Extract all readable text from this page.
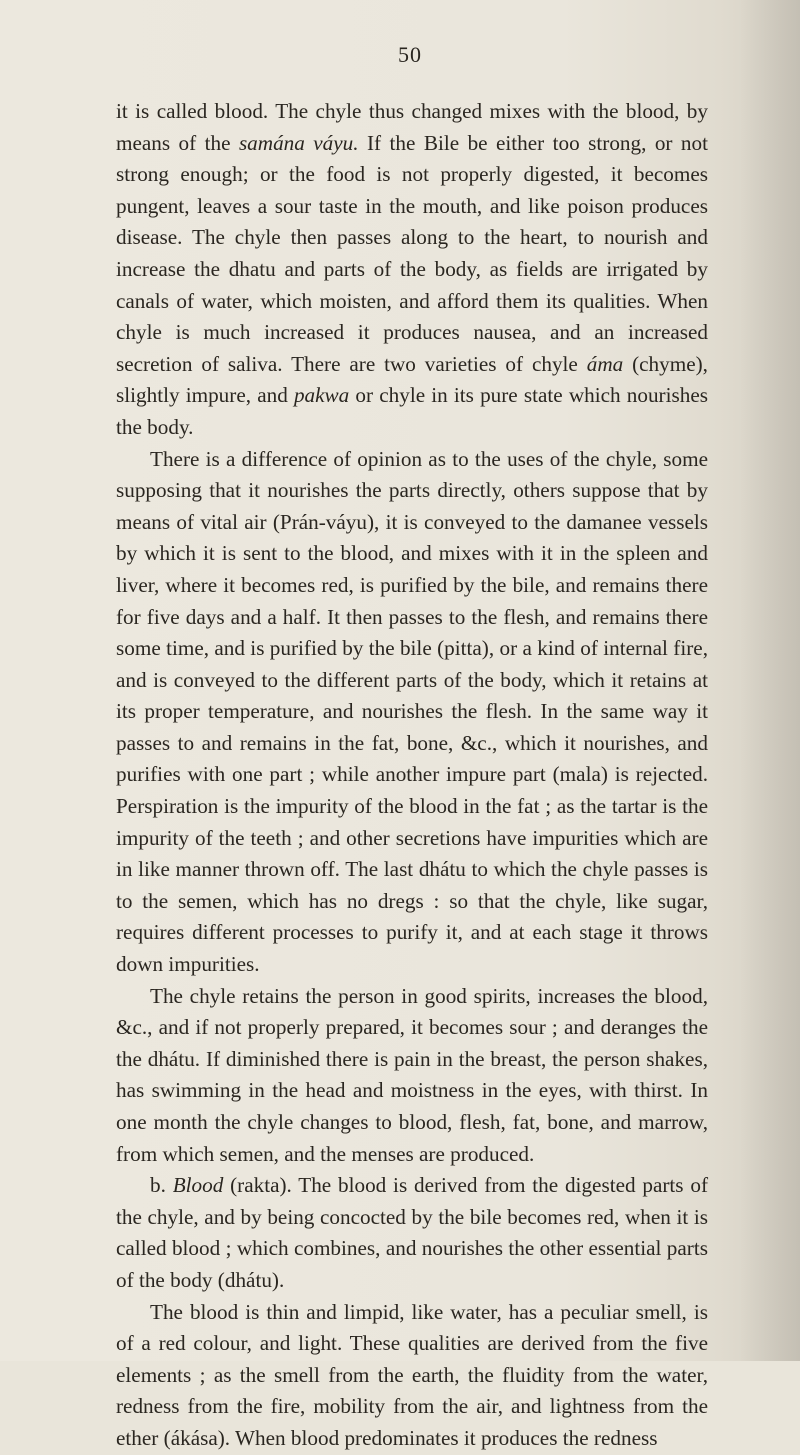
50

it is called blood. The chyle thus changed mixes with the blood, by means of the samána váyu. If the Bile be either too strong, or not strong enough; or the food is not properly digested, it becomes pungent, leaves a sour taste in the mouth, and like poison produces disease. The chyle then passes along to the heart, to nourish and increase the dhatu and parts of the body, as fields are irrigated by canals of water, which moisten, and afford them its qualities. When chyle is much increased it produces nausea, and an increased secretion of saliva. There are two varieties of chyle áma (chyme), slightly impure, and pakwa or chyle in its pure state which nourishes the body.

There is a difference of opinion as to the uses of the chyle, some supposing that it nourishes the parts directly, others suppose that by means of vital air (Prán-váyu), it is conveyed to the damanee vessels by which it is sent to the blood, and mixes with it in the spleen and liver, where it becomes red, is purified by the bile, and remains there for five days and a half. It then passes to the flesh, and remains there some time, and is purified by the bile (pitta), or a kind of internal fire, and is conveyed to the different parts of the body, which it retains at its proper temperature, and nourishes the flesh. In the same way it passes to and remains in the fat, bone, &c., which it nourishes, and purifies with one part ; while another impure part (mala) is rejected. Perspiration is the impurity of the blood in the fat ; as the tartar is the impurity of the teeth ; and other secretions have impurities which are in like manner thrown off. The last dhátu to which the chyle passes is to the semen, which has no dregs : so that the chyle, like sugar, requires different processes to purify it, and at each stage it throws down impurities.

The chyle retains the person in good spirits, increases the blood, &c., and if not properly prepared, it becomes sour ; and deranges the the dhátu. If diminished there is pain in the breast, the person shakes, has swimming in the head and moistness in the eyes, with thirst. In one month the chyle changes to blood, flesh, fat, bone, and marrow, from which semen, and the menses are produced.

b. Blood (rakta). The blood is derived from the digested parts of the chyle, and by being concocted by the bile becomes red, when it is called blood ; which combines, and nourishes the other essential parts of the body (dhátu).

The blood is thin and limpid, like water, has a peculiar smell, is of a red colour, and light. These qualities are derived from the five elements ; as the smell from the earth, the fluidity from the water, redness from the fire, mobility from the air, and lightness from the ether (ákása). When blood predominates it produces the redness
